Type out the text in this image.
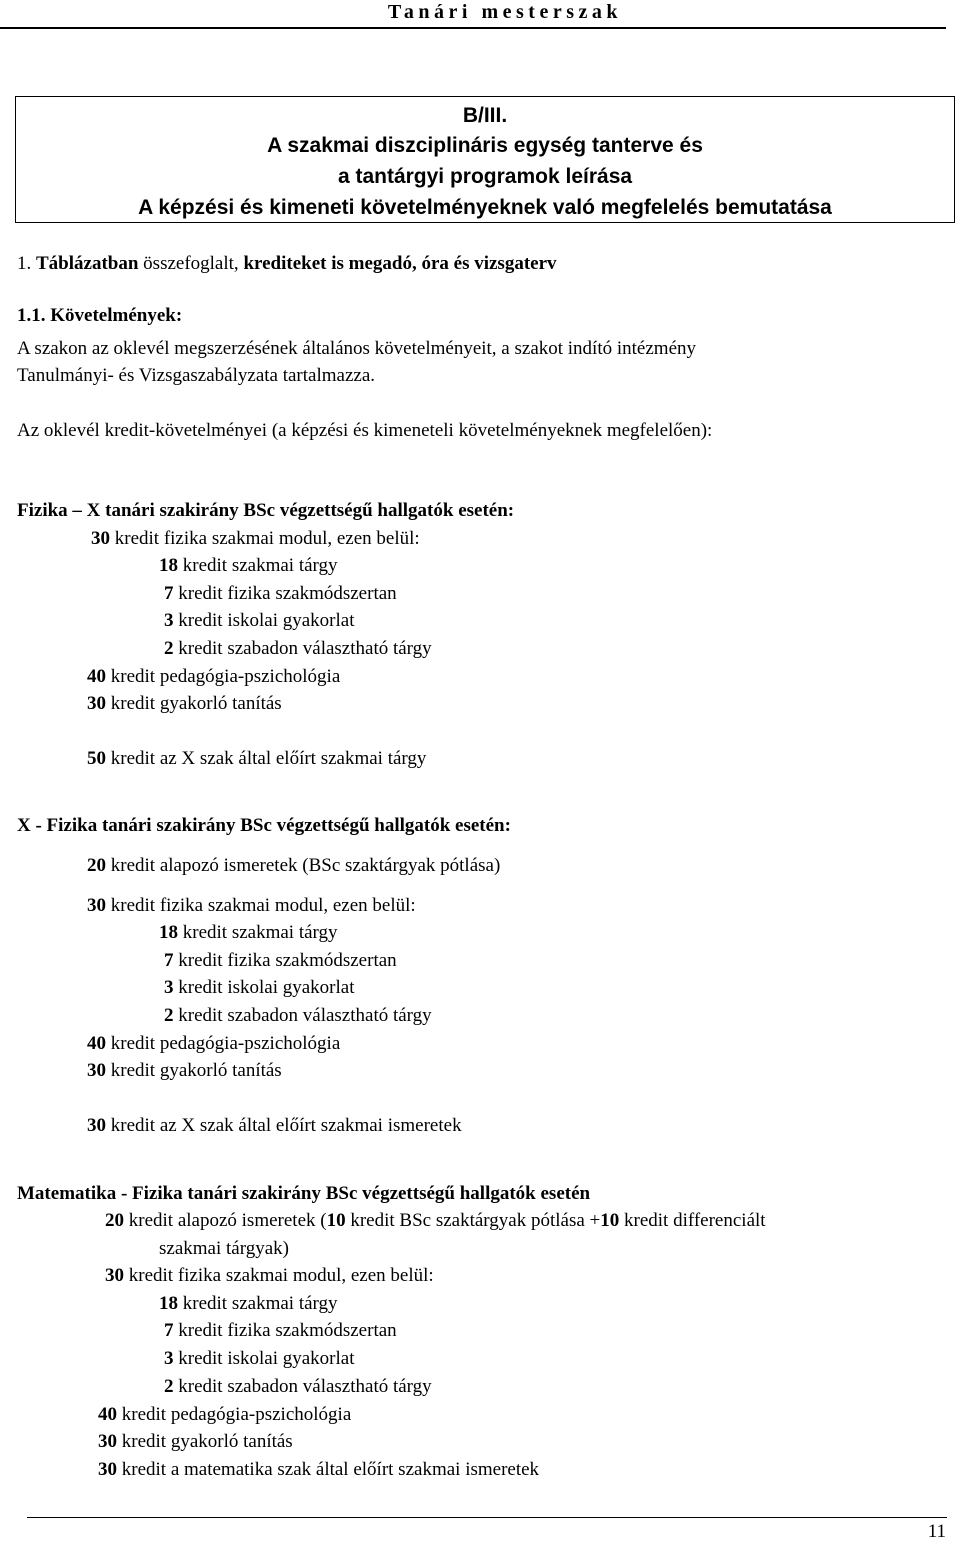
Tanári mesterszak
B/III.
A szakmai diszciplináris egység tanterve és
a tantárgyi programok leírása
A képzési és kimeneti követelményeknek való megfelelés bemutatása
1. Táblázatban összefoglalt, krediteket is megadó, óra és vizsgaterv
1.1. Követelmények:
A szakon az oklevél megszerzésének általános követelményeit, a szakot indító intézmény
Tanulmányi- és Vizsgaszabályzata tartalmazza.
Az oklevél kredit-követelményei (a képzési és kimeneteli követelményeknek megfelelően):
Fizika – X tanári szakirány BSc végzettségű hallgatók esetén:
30 kredit fizika szakmai modul, ezen belül:
18 kredit szakmai tárgy
7 kredit fizika szakmódszertan
3 kredit iskolai gyakorlat
2 kredit szabadon választható tárgy
40 kredit pedagógia-pszichológia
30 kredit gyakorló tanítás
50 kredit az X szak által előírt szakmai tárgy
X - Fizika tanári szakirány BSc végzettségű hallgatók esetén:
20 kredit alapozó ismeretek (BSc szaktárgyak pótlása)
30 kredit fizika szakmai modul, ezen belül:
18 kredit szakmai tárgy
7 kredit fizika szakmódszertan
3 kredit iskolai gyakorlat
2 kredit szabadon választható tárgy
40 kredit pedagógia-pszichológia
30 kredit gyakorló tanítás
30 kredit az X szak által előírt szakmai ismeretek
Matematika - Fizika tanári szakirány BSc végzettségű hallgatók esetén
20 kredit alapozó ismeretek (10 kredit BSc szaktárgyak pótlása +10 kredit differenciált
szakmai tárgyak)
30 kredit fizika szakmai modul, ezen belül:
18 kredit szakmai tárgy
7 kredit fizika szakmódszertan
3 kredit iskolai gyakorlat
2 kredit szabadon választható tárgy
40 kredit pedagógia-pszichológia
30 kredit gyakorló tanítás
30 kredit a matematika szak által előírt szakmai ismeretek
11
